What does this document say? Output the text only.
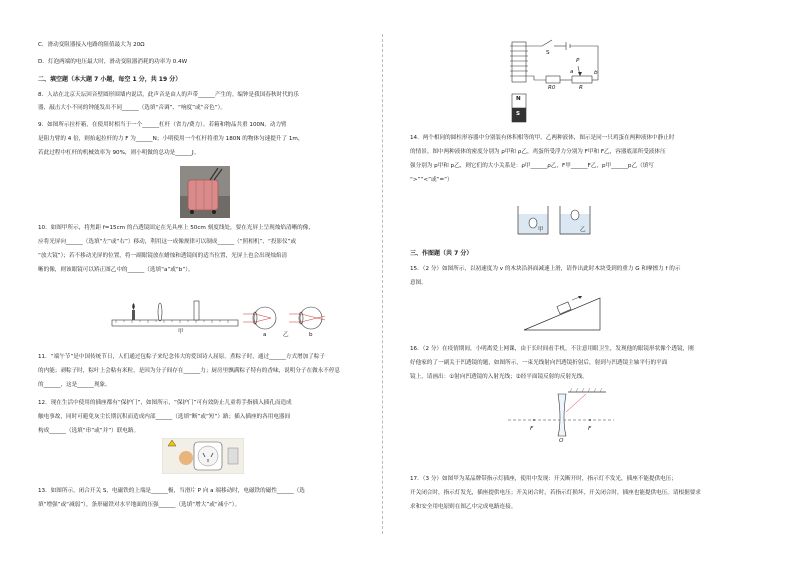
C．滑动变阻器接入电路的阻值最大为 20Ω
D．灯泡两端的电压最大时，滑动变阻器消耗的功率为 0.4W
二、填空题（本大题 7 小题，每空 1 分，共 19 分）
8．人站在北京天坛回音壁圆形围墙内说话，此声音是由人的声带______产生的。编钟是我国春秋时代的乐
器，敲击大小不同的钟能发出不同______（选填“音调”、“响度”或“音色”）。
9．如图所示拉杆箱，在使用时相当于一个______杠杆（省力/费力）。若箱和物品共重 100N，动力臂
是阻力臂的 4 倍，则抬起拉杆的力 F 为______N；小明使用一个杠杆将重为 180N 的物体匀速提升了 1m，
若此过程中杠杆的机械效率为 90%，则小明做的总功是______J。
10．如图甲所示，将焦距 f=15cm 的凸透镜固定在光具座上 50cm 刻度线处，要在光屏上呈现烛焰清晰的像，
应将光屏向______（选填“左”或“右”）移动，利用这一成像规律可以制成______（“照相机”、“投影仪”或
“放大镜”）；若不移动光屏的位置，将一副眼镜放在蜡烛和透镜间的适当位置，光屏上也会出现烛焰清
晰的像，则该眼镜可以矫正图乙中的______（选填“a”或“b”）。
甲	a	乙	b
11．“端午节”是中国传统节日，人们通过包粽子来纪念伟大的爱国诗人屈原。煮粽子时，通过______方式增加了粽子
的内能；剥粽子时，粽叶上会粘有米粒，是因为分子间存在______力；厨房里飘满粽子特有的香味，说明分子在做永不停息
的______，这是______现象。
12．现在生活中使用的插座都有“保护门”，如图所示，“保护门”可有效防止儿童将手指插入插孔而造成
触电事故，同时可避免灰尘长期沉积而造成内部______（选填“断”或“短”）路；插入插座的各用电器间
构成______（选填“串”或“并”）联电路。
13．如图所示，闭合开关 S，电磁铁的上端是______极，当滑片 P 向 a 端移动时，电磁铁的磁性______（选
填“增强”或“减弱”），条形磁铁对水平地面的压强______（选填“增大”或“减小”）。
S
P
a	b
R0	R
N
S
14．两个相同的圆柱形容器中分别装有体积相等的甲、乙两种液体，图示是同一只鸡蛋在两种液体中静止时
的情景。图中两种液体的密度分别为 ρ甲和 ρ乙，鸡蛋所受浮力分别为 F甲和 F乙，容器底部所受液体压
强分别为 p甲和 p乙，则它们的大小关系是：ρ甲______ρ乙，F甲______F乙，p甲______p乙（填写
“>”“<”或“=”）
甲	乙
三、作图题（共 7 分）
15．（2 分）如图所示，以初速度为 v 的木块沿斜面减速上滑，请作出此时木块受到的重力 G 和摩擦力 f 的示
意图。
16．（2 分）在疫情期间，小明离爱上网课，由于长时间看手机，不注意用眼卫生，发现他的眼镜形状像个透镜，刚
好他家的了一副关于凹透镜的题，如图所示，一束光线射向凹透镜折射后，射到与凹透镜主轴平行的平面
镜上，请画出：①射向凹透镜的入射光线；②经平面镜反射的反射光线。
F
O
F
17．（3 分）如图甲为某品牌带指示灯插座，使用中发现：开关断开时，指示灯不发光，插座不能提供电压；
开关闭合时，指示灯发光，插座提供电压；开关闭合时，若指示灯损坏，开关闭合时，插座也能提供电压。请根据要求
求和安全用电原则在图乙中完成电路连接。
